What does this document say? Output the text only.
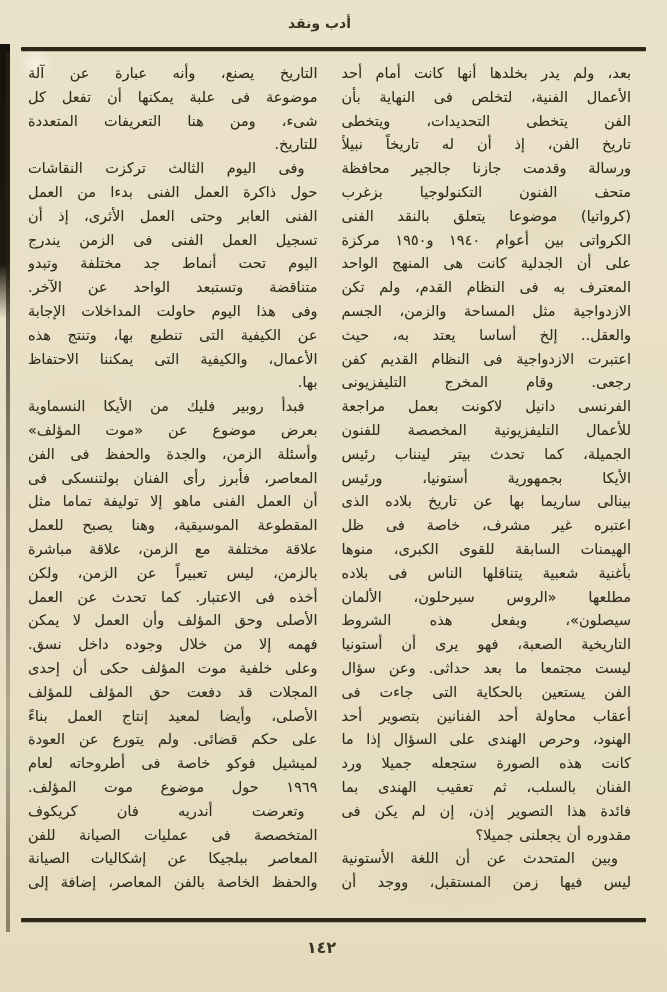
أدب ونقد
بعد، ولم يدر بخلدها أنها كانت أمام أحد
الأعمال الفنية، لتخلص فى النهاية بأن
الفن يتخطى التحديدات، ويتخطى
تاريخ الفن، إذ أن له تاريخاً نبيلاً
ورسالة وقدمت جازنا جالجير محافظة
متحف الفنون التكنولوجيا بزغرب
(كرواتيا) موضوعا يتعلق بالنقد الفنى
الكرواتى بين أعوام ١٩٤٠ و١٩٥٠ مركزة
على أن الجدلية كانت هى المنهج الواحد
المعترف به فى النظام القدم، ولم تكن
الازدواجية مثل المساحة والزمن، الجسم
والعقل.. إلخ أساسا يعتد به، حيث
اعتبرت الازدواجية فى النظام القديم كفن
رجعى. وقام المخرج التليفزيونى
الفرنسى دانيل لاكونت بعمل مراجعة
للأعمال التليفزيونية المخصصة للفنون
الجميلة، كما تحدث بيتر لينناب رئيس
الأيكا بجمهورية أستونيا، ورئيس
بينالى ساريما بها عن تاريخ بلاده الذى
اعتبره غير مشرف، خاصة فى ظل
الهيمنات السابقة للقوى الكبرى، منوها
بأغنية شعبية يتناقلها الناس فى بلاده
مطلعها «الروس سيرحلون، الألمان
سيصلون»، وبفعل هذه الشروط
التاريخية الصعبة، فهو يرى أن أستونيا
ليست مجتمعا ما بعد حداثى. وعن سؤال
الفن يستعين بالحكاية التى جاءت فى
أعقاب محاولة أحد الفنانين بتصوير أحد
الهنود، وحرص الهندى على السؤال إذا ما
كانت هذه الصورة ستجعله جميلا ورد
الفنان بالسلب، ثم تعقيب الهندى بما
فائدة هذا التصوير إذن، إن لم يكن فى
مقدوره أن يجعلنى جميلا؟
وبين المتحدث عن أن اللغة الأستونية
ليس فيها زمن المستقبل، ووجد أن
التاريخ يصنع، وأنه عبارة عن آلة
موضوعة فى علبة يمكنها أن تفعل كل
شىء، ومن هنا التعريفات المتعددة
للتاريخ.
وفى اليوم الثالث تركزت النقاشات
حول ذاكرة العمل الفنى بدءا من العمل
الفنى العابر وحتى العمل الأثرى، إذ أن
تسجيل العمل الفنى فى الزمن يندرج
اليوم تحت أنماط جد مختلفة وتبدو
متناقضة وتستبعد الواحد عن الآخر.
وفى هذا اليوم حاولت المداخلات الإجابة
عن الكيفية التى تنطبع بها، وتنتج هذه
الأعمال، والكيفية التى يمكننا الاحتفاظ
بها.
فبدأ روبير فليك من الأيكا النسماوية
بعرض موضوع عن «موت المؤلف»
وأسئلة الزمن، والجدة والحفظ فى الفن
المعاصر، فأبرز رأى الفنان بولتنسكى فى
أن العمل الفنى ماهو إلا توليفة تماما مثل
المقطوعة الموسيقية، وهنا يصبح للعمل
علاقة مختلفة مع الزمن، علاقة مباشرة
بالزمن، ليس تعبيراً عن الزمن، ولكن
أخذه فى الاعتبار. كما تحدث عن العمل
الأصلى وحق المؤلف وأن العمل لا يمكن
فهمه إلا من خلال وجوده داخل نسق.
وعلى خلفية موت المؤلف حكى أن إحدى
المجلات قد دفعت حق المؤلف للمؤلف
الأصلى، وأيضا لمعيد إنتاج العمل بناءً
على حكم قضائى. ولم يتورع عن العودة
لميشيل فوكو خاصة فى أطروحاته لعام
١٩٦٩ حول موضوع موت المؤلف.
وتعرضت أندريه فان كريكوف
المتخصصة فى عمليات الصيانة للفن
المعاصر ببلجيكا عن إشكاليات الصيانة
والحفظ الخاصة بالفن المعاصر، إضافة إلى
١٤٢
